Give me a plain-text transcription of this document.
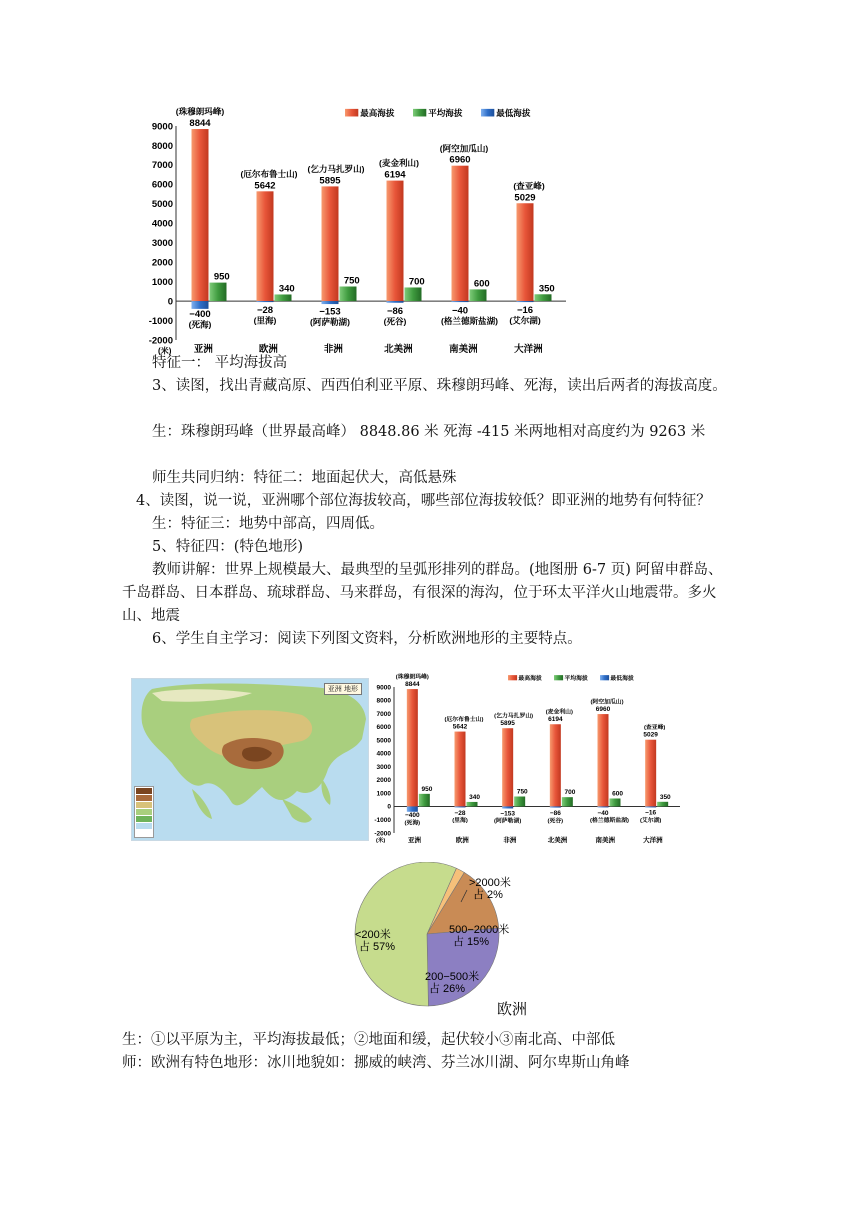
9000
8000
7000
6000
5000
4000
3000
2000
1000
0
-1000
-2000
(米)
最高海拔	平均海拔	最低海拔
8844
(珠穆朗玛峰)
950
−400
(死海)
亚洲
5642
(厄尔布鲁士山)
340
−28
(里海)
欧洲
5895
(乞力马扎罗山)
750
−153
(阿萨勒湖)
非洲
6194
(麦金利山)
700
−86
(死谷)
北美洲
6960
(阿空加瓜山)
600
−40
(格兰德斯盐湖)
南美洲
5029
(查亚峰)
350
−16
(艾尔湖)
大洋洲
特征一： 平均海拔高
3、读图，找出青藏高原、西西伯利亚平原、珠穆朗玛峰、死海，读出后两者的海拔高度。
生：珠穆朗玛峰（世界最高峰） 8848.86 米 死海 -415 米两地相对高度约为 9263 米
师生共同归纳：特征二：地面起伏大，高低悬殊
4、读图，说一说，亚洲哪个部位海拔较高，哪些部位海拔较低？即亚洲的地势有何特征？
生：特征三：地势中部高，四周低。
5、特征四：(特色地形)
教师讲解：世界上规模最大、最典型的呈弧形排列的群岛。(地图册 6-7 页) 阿留申群岛、千岛群岛、日本群岛、琉球群岛、马来群岛，有很深的海沟，位于环太平洋火山地震带。多火山、地震
6、学生自主学习：阅读下列图文资料，分析欧洲地形的主要特点。
亚洲 地形	9000
8000
7000
6000
5000
4000
3000
2000
1000
0
-1000
-2000
(米)
最高海拔	平均海拔	最低海拔
8844
(珠穆朗玛峰)
950
−400
(死海)
亚洲
5642
(厄尔布鲁士山)
340
−28
(里海)
欧洲
5895
(乞力马扎罗山)
750
−153
(阿萨勒湖)
非洲
6194
(麦金利山)
700
−86
(死谷)
北美洲
6960
(阿空加瓜山)
600
−40
(格兰德斯盐湖)
南美洲
5029
(查亚峰)
350
−16
(艾尔湖)
大洋洲
<200米
占 57%
>2000米
占 2%
500−2000米
占 15%
200−500米
占 26%
欧洲
生：①以平原为主，平均海拔最低；②地面和缓，起伏较小③南北高、中部低
师：欧洲有特色地形：冰川地貌如：挪威的峡湾、芬兰冰川湖、阿尔卑斯山角峰
